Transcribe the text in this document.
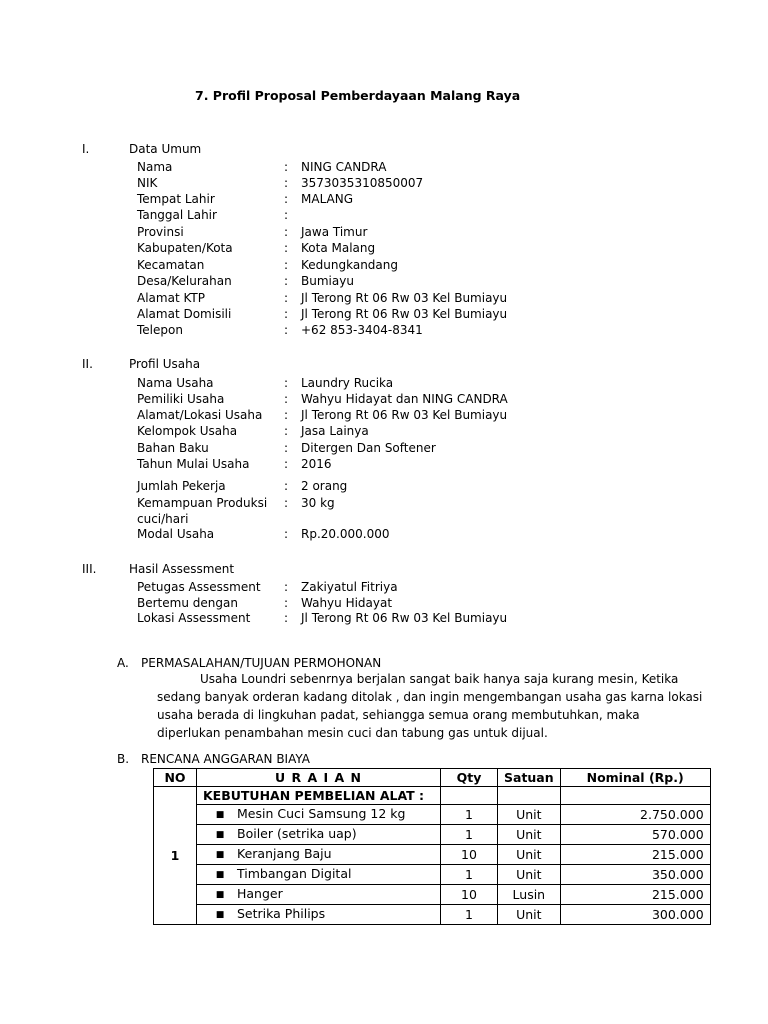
7. Profil Proposal Pemberdayaan Malang Raya
I.	Data Umum
Nama	: NING CANDRA
NIK	: 3573035310850007
Tempat Lahir	: MALANG
Tanggal Lahir	:
Provinsi	: Jawa Timur
Kabupaten/Kota	: Kota Malang
Kecamatan	: Kedungkandang
Desa/Kelurahan	: Bumiayu
Alamat KTP	: Jl Terong Rt 06 Rw 03 Kel Bumiayu
Alamat Domisili	: Jl Terong Rt 06 Rw 03 Kel Bumiayu
Telepon	: +62 853-3404-8341
II.	Profil Usaha
Nama Usaha	: Laundry Rucika
Pemiliki Usaha	: Wahyu Hidayat dan NING CANDRA
Alamat/Lokasi Usaha : Jl Terong Rt 06 Rw 03 Kel Bumiayu
Kelompok Usaha	: Jasa Lainya
Bahan Baku	: Ditergen Dan Softener
Tahun Mulai Usaha	: 2016
Jumlah Pekerja	: 2 orang
Kemampuan Produksi
cuci/hari
: 30 kg
Modal Usaha	: Rp.20.000.000
III.	Hasil Assessment
Petugas Assessment : Zakiyatul Fitriya
Bertemu dengan	: Wahyu Hidayat
Lokasi Assessment	: Jl Terong Rt 06 Rw 03 Kel Bumiayu
A. PERMASALAHAN/TUJUAN PERMOHONAN
Usaha Loundri sebenrnya berjalan sangat baik hanya saja kurang mesin, Ketika
sedang banyak orderan kadang ditolak , dan ingin mengembangan usaha gas karna lokasi
usaha berada di lingkuhan padat, sehiangga semua orang membutuhkan, maka
diperlukan penambahan mesin cuci dan tabung gas untuk dijual.
B. RENCANA ANGGARAN BIAYA
NO	U R A I A N	Qty	Satuan	Nominal (Rp.)
1	KEBUTUHAN PEMBELIAN ALAT :			
	■ Mesin Cuci Samsung 12 kg	1	Unit	2.750.000
	■ Boiler (setrika uap)	1	Unit	570.000
	■ Keranjang Baju	10	Unit	215.000
	■ Timbangan Digital	1	Unit	350.000
	■ Hanger	10	Lusin	215.000
	■ Setrika Philips	1	Unit	300.000
